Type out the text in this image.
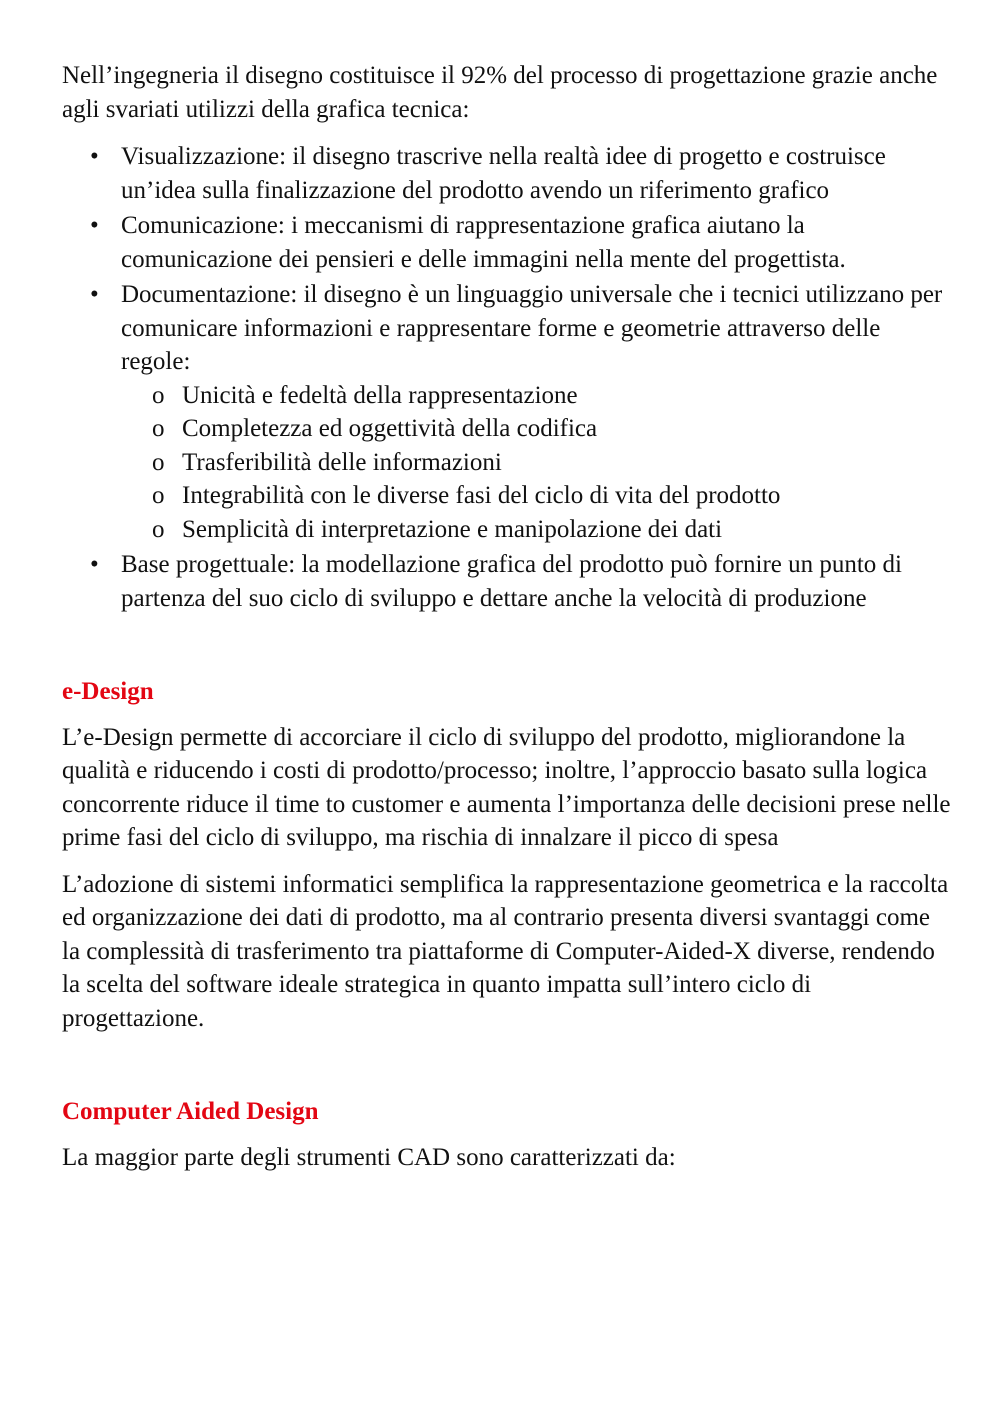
Nell’ingegneria il disegno costituisce il 92% del processo di progettazione grazie anche agli svariati utilizzi della grafica tecnica:

• Visualizzazione: il disegno trascrive nella realtà idee di progetto e costruisce un’idea sulla finalizzazione del prodotto avendo un riferimento grafico
• Comunicazione: i meccanismi di rappresentazione grafica aiutano la comunicazione dei pensieri e delle immagini nella mente del progettista.
• Documentazione: il disegno è un linguaggio universale che i tecnici utilizzano per comunicare informazioni e rappresentare forme e geometrie attraverso delle regole:
o Unicità e fedeltà della rappresentazione
o Completezza ed oggettività della codifica
o Trasferibilità delle informazioni
o Integrabilità con le diverse fasi del ciclo di vita del prodotto
o Semplicità di interpretazione e manipolazione dei dati
• Base progettuale: la modellazione grafica del prodotto può fornire un punto di partenza del suo ciclo di sviluppo e dettare anche la velocità di produzione
e-Design

L’e-Design permette di accorciare il ciclo di sviluppo del prodotto, migliorandone la qualità e riducendo i costi di prodotto/processo; inoltre, l’approccio basato sulla logica concorrente riduce il time to customer e aumenta l’importanza delle decisioni prese nelle prime fasi del ciclo di sviluppo, ma rischia di innalzare il picco di spesa

L’adozione di sistemi informatici semplifica la rappresentazione geometrica e la raccolta ed organizzazione dei dati di prodotto, ma al contrario presenta diversi svantaggi come la complessità di trasferimento tra piattaforme di Computer-Aided-X diverse, rendendo la scelta del software ideale strategica in quanto impatta sull’intero ciclo di progettazione.

Computer Aided Design

La maggior parte degli strumenti CAD sono caratterizzati da:
